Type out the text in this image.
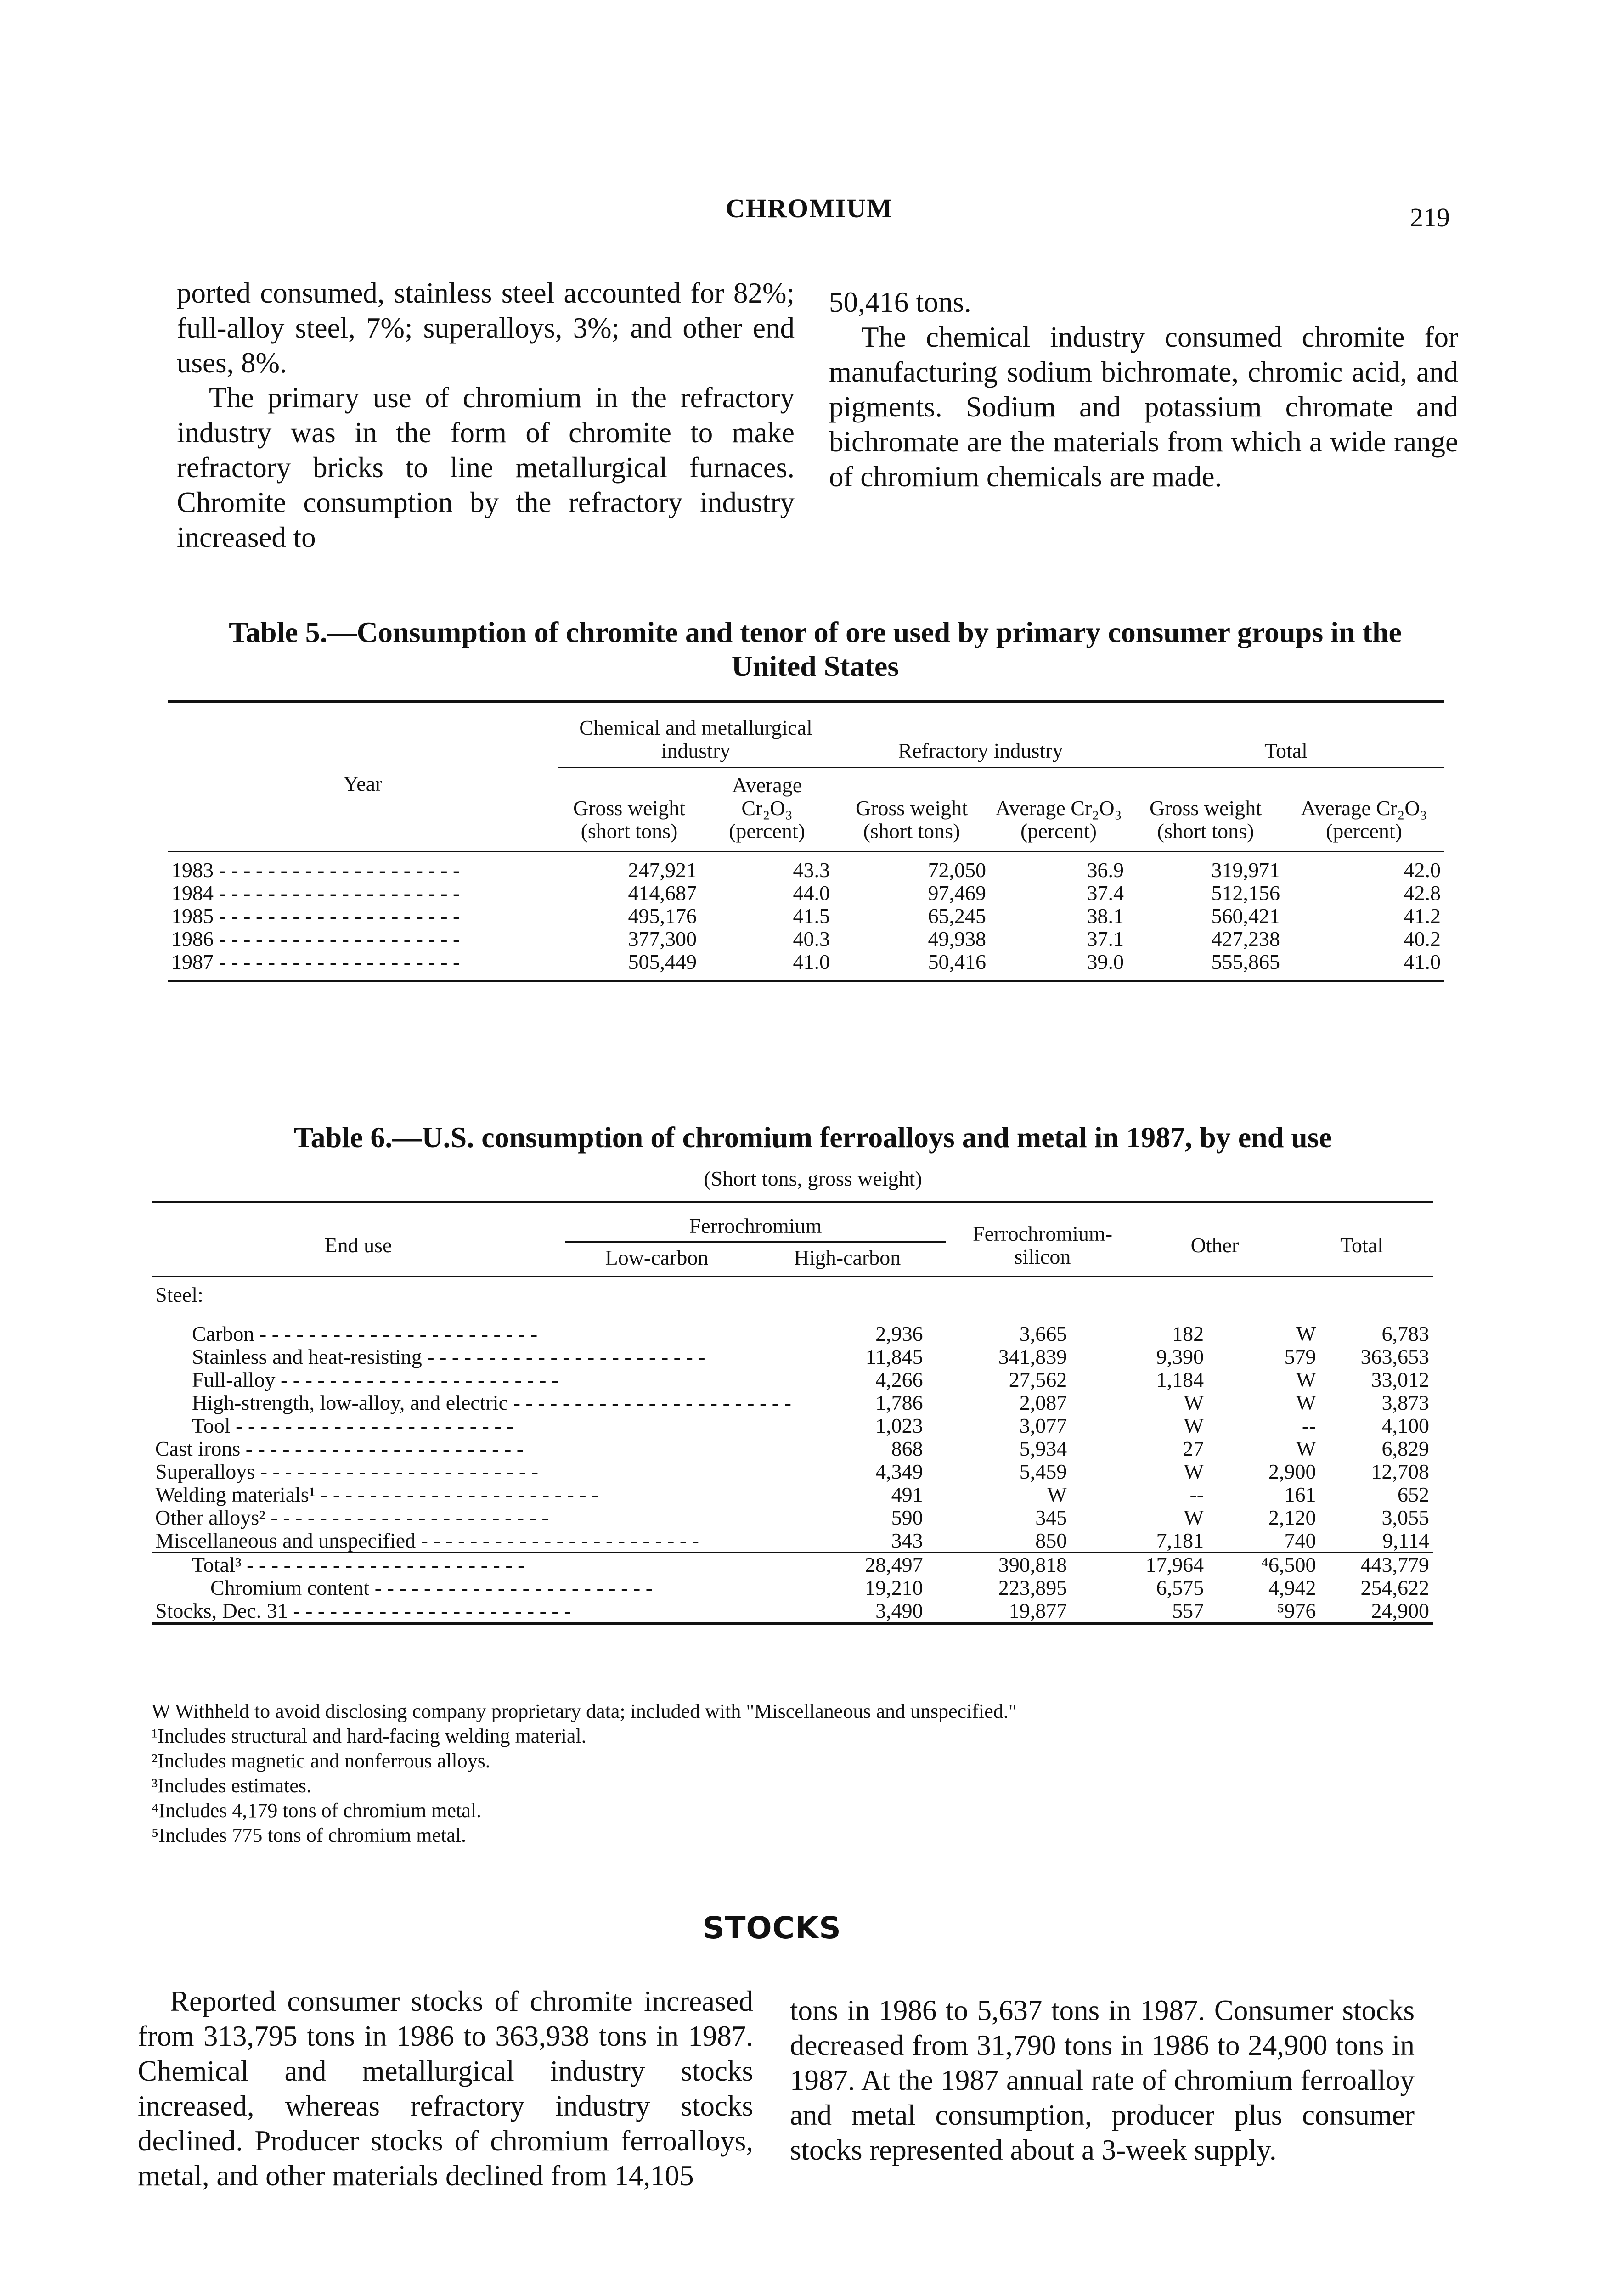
CHROMIUM	219

ported consumed, stainless steel accounted for 82%; full-alloy steel, 7%; superalloys, 3%; and other end uses, 8%.

The primary use of chromium in the refractory industry was in the form of chromite to make refractory bricks to line metallurgical furnaces. Chromite consumption by the refractory industry increased to

50,416 tons.

The chemical industry consumed chromite for manufacturing sodium bichromate, chromic acid, and pigments. Sodium and potassium chromate and bichromate are the materials from which a wide range of chromium chemicals are made.

Table 5.—Consumption of chromite and tenor of ore used by primary consumer groups in the United States
Year	Chemical and metallurgical industry		Refractory industry		Total	
	Gross weight (short tons)	Average Cr₂O₃ (percent)	Gross weight (short tons)	Average Cr₂O₃ (percent)	Gross weight (short tons)	Average Cr₂O₃ (percent)
1983 - - - - - - - - - - - - - - - - - - - -	247,921	43.3	72,050	36.9	319,971	42.0
1984 - - - - - - - - - - - - - - - - - - - -	414,687	44.0	97,469	37.4	512,156	42.8
1985 - - - - - - - - - - - - - - - - - - - -	495,176	41.5	65,245	38.1	560,421	41.2
1986 - - - - - - - - - - - - - - - - - - - -	377,300	40.3	49,938	37.1	427,238	40.2
1987 - - - - - - - - - - - - - - - - - - - -	505,449	41.0	50,416	39.0	555,865	41.0
Table 6.—U.S. consumption of chromium ferroalloys and metal in 1987, by end use
(Short tons, gross weight)
End use	Ferrochromium		Ferrochromium-silicon	Other	Total
	Low-carbon	High-carbon			
Steel:					
Carbon - - - - - - - - - - - - - - - - - - - - - - -	2,936	3,665	182	W	6,783
Stainless and heat-resisting - - - - - - - - - - - - - - - - - - - - - - -	11,845	341,839	9,390	579	363,653
Full-alloy - - - - - - - - - - - - - - - - - - - - - - -	4,266	27,562	1,184	W	33,012
High-strength, low-alloy, and electric - - - - - - - - - - - - - - - - - - - - - - -	1,786	2,087	W	W	3,873
Tool - - - - - - - - - - - - - - - - - - - - - - -	1,023	3,077	W	--	4,100
Cast irons - - - - - - - - - - - - - - - - - - - - - - -	868	5,934	27	W	6,829
Superalloys - - - - - - - - - - - - - - - - - - - - - - -	4,349	5,459	W	2,900	12,708
Welding materials¹ - - - - - - - - - - - - - - - - - - - - - - -	491	W	--	161	652
Other alloys² - - - - - - - - - - - - - - - - - - - - - - -	590	345	W	2,120	3,055
Miscellaneous and unspecified - - - - - - - - - - - - - - - - - - - - - - -	343	850	7,181	740	9,114
Total³ - - - - - - - - - - - - - - - - - - - - - - -	28,497	390,818	17,964	⁴6,500	443,779
Chromium content - - - - - - - - - - - - - - - - - - - - - - -	19,210	223,895	6,575	4,942	254,622
Stocks, Dec. 31 - - - - - - - - - - - - - - - - - - - - - - -	3,490	19,877	557	⁵976	24,900
W Withheld to avoid disclosing company proprietary data; included with "Miscellaneous and unspecified."
¹Includes structural and hard-facing welding material.
²Includes magnetic and nonferrous alloys.
³Includes estimates.
⁴Includes 4,179 tons of chromium metal.
⁵Includes 775 tons of chromium metal.
STOCKS

Reported consumer stocks of chromite increased from 313,795 tons in 1986 to 363,938 tons in 1987. Chemical and metallurgical industry stocks increased, whereas refractory industry stocks declined. Producer stocks of chromium ferroalloys, metal, and other materials declined from 14,105

tons in 1986 to 5,637 tons in 1987. Consumer stocks decreased from 31,790 tons in 1986 to 24,900 tons in 1987. At the 1987 annual rate of chromium ferroalloy and metal consumption, producer plus consumer stocks represented about a 3-week supply.
